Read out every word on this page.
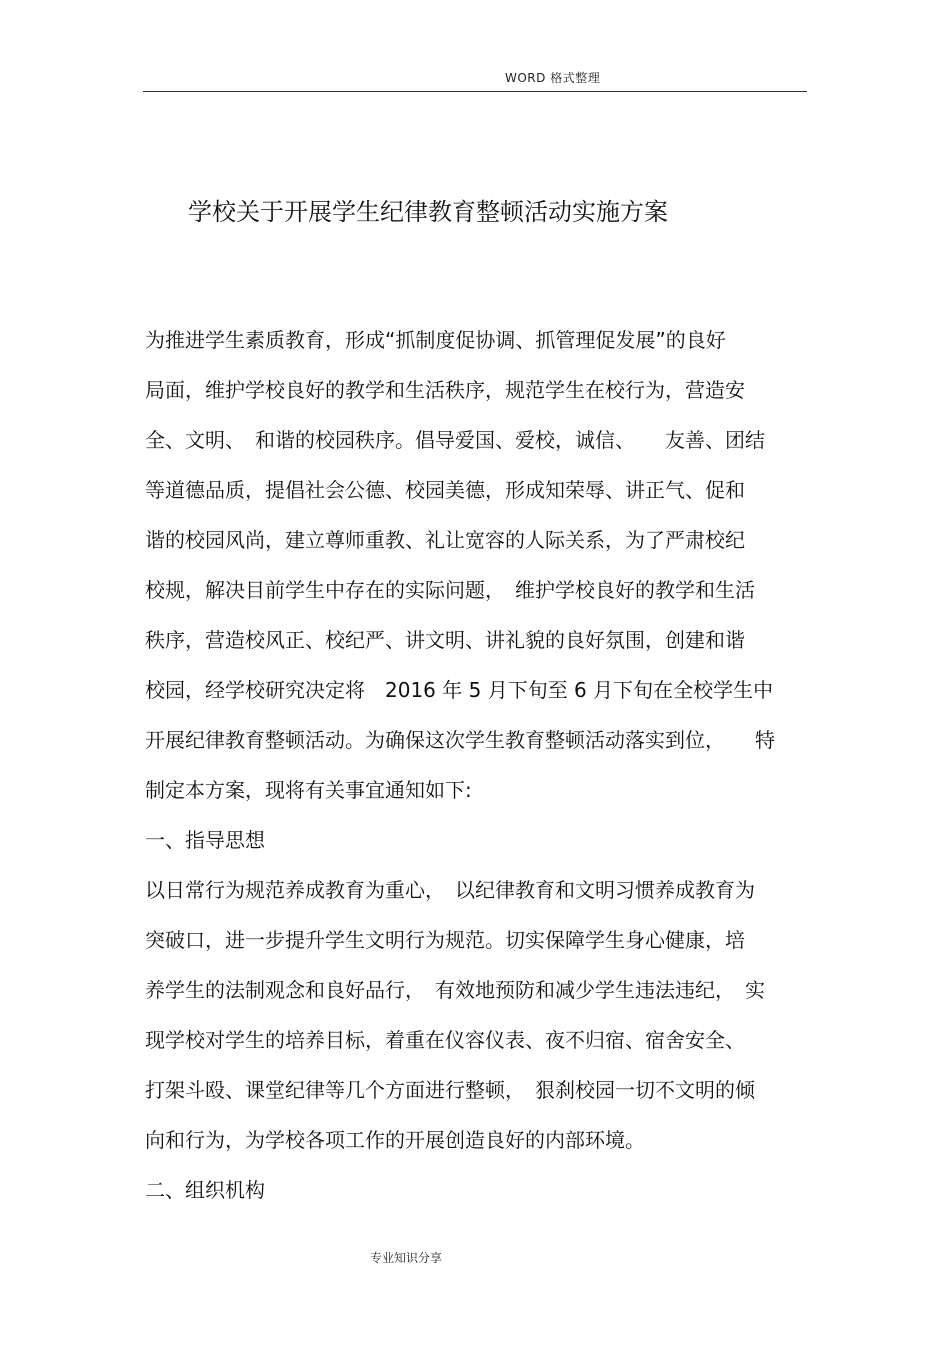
WORD 格式整理
学校关于开展学生纪律教育整顿活动实施方案
为推进学生素质教育，形成“抓制度促协调、抓管理促发展”的良好
局面，维护学校良好的教学和生活秩序，规范学生在校行为，营造安
全、文明、　和谐的校园秩序。倡导爱国、爱校，诚信、　　友善、团结
等道德品质，提倡社会公德、校园美德，形成知荣辱、讲正气、促和
谐的校园风尚，建立尊师重教、礼让宽容的人际关系，为了严肃校纪
校规，解决目前学生中存在的实际问题，　维护学校良好的教学和生活
秩序，营造校风正、校纪严、讲文明、讲礼貌的良好氛围，创建和谐
校园，经学校研究决定将　2016 年 5 月下旬至 6 月下旬在全校学生中
开展纪律教育整顿活动。为确保这次学生教育整顿活动落实到位，　　特
制定本方案，现将有关事宜通知如下:
一、指导思想
以日常行为规范养成教育为重心，　以纪律教育和文明习惯养成教育为
突破口，进一步提升学生文明行为规范。切实保障学生身心健康，培
养学生的法制观念和良好品行，　有效地预防和减少学生违法违纪，　实
现学校对学生的培养目标，着重在仪容仪表、夜不归宿、宿舍安全、
打架斗殴、课堂纪律等几个方面进行整顿，　狠刹校园一切不文明的倾
向和行为，为学校各项工作的开展创造良好的内部环境。
二、组织机构
专业知识分享
